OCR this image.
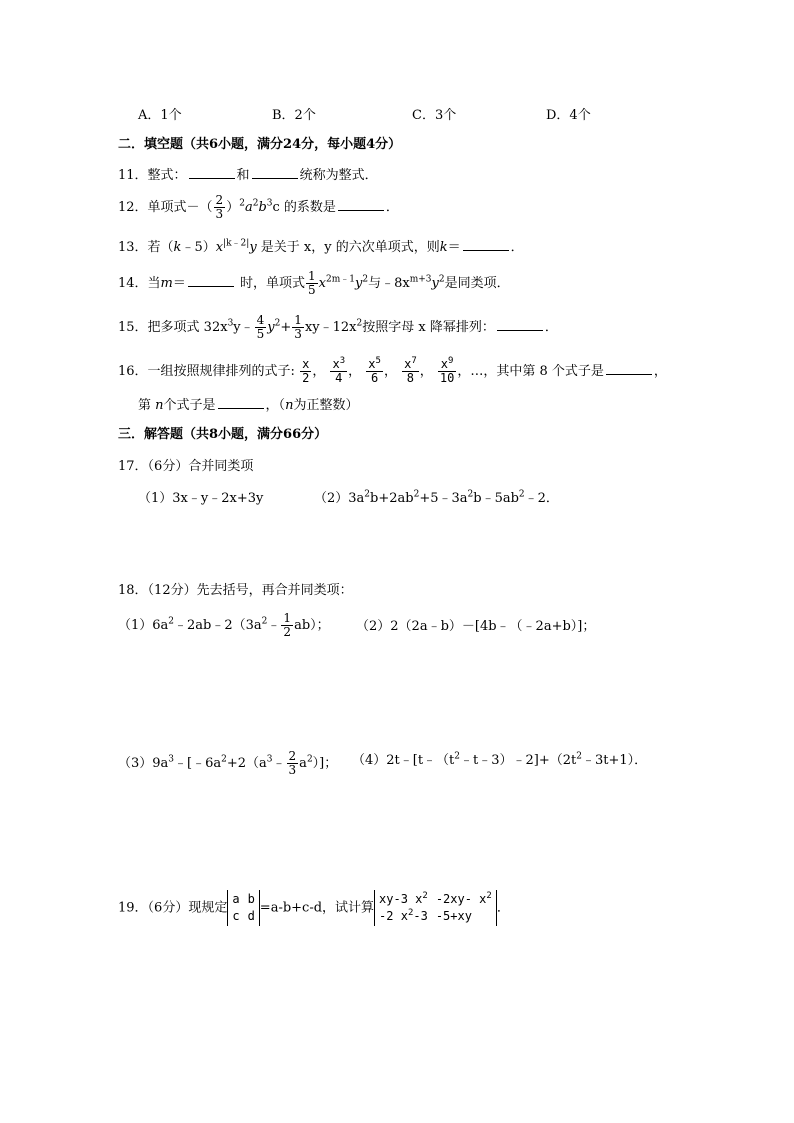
A．1个	B．2个	C．3个	D．4个
二．填空题（共6小题，满分24分，每小题4分）
11．整式：	和	统称为整式．
12．单项式－（ $\frac{2}{3} )^2a^2b^3c$ 的系数是	．
13．若$(k﹣5)x^{|k﹣2|}y$ 是关于 x，y 的六次单项式，则k＝	．
14．当m＝	时，单项式 $\frac{1}{5} x^{2m﹣1}y^2$与$﹣8x^{m+3}y^2$是同类项．
15．把多项式 $32x^3y﹣ \frac{4}{5} y^2+ \frac{1}{3}$ $xy﹣12x^2$按照字母 x 降幂排列：	．
16．一组按照规律排列的式子: $\frac{x}{2}$ ， $\frac{x^3}{4}$ ， $\frac{x^5}{6}$ ， $\frac{x^7}{8}$ ， $\frac{x^9}{10}$ ，…，其中第 8 个式子是	，
第 n个式子是	，（n为正整数）
三．解答题（共8小题，满分66分）
17．（6分）合并同类项
（1）3x﹣y﹣2x+3y	$(2)3a^2b+2ab^2+5﹣3a^2b﹣5ab^2﹣2$．
18．（12分）先去括号，再合并同类项：
$(1)6a^2﹣2ab﹣2(3a^2﹣ \frac{1}{2} ab)$； （2）2（2a﹣b）－[4b﹣（﹣2a+b）]；
$(3)9a^3﹣[﹣6a^2+2(a^3﹣ \frac{2}{3} a^2)]$； $(4)2t﹣[t﹣(t^2﹣t﹣3)﹣2]+(2t^2﹣3t+1)$．
19．（6分）现规定
a b
c d
=a-b+c-d，试计算
xy-3 $x^2$ -2xy- $x^2$
-2 $x^2-3$ -5+xy
．
